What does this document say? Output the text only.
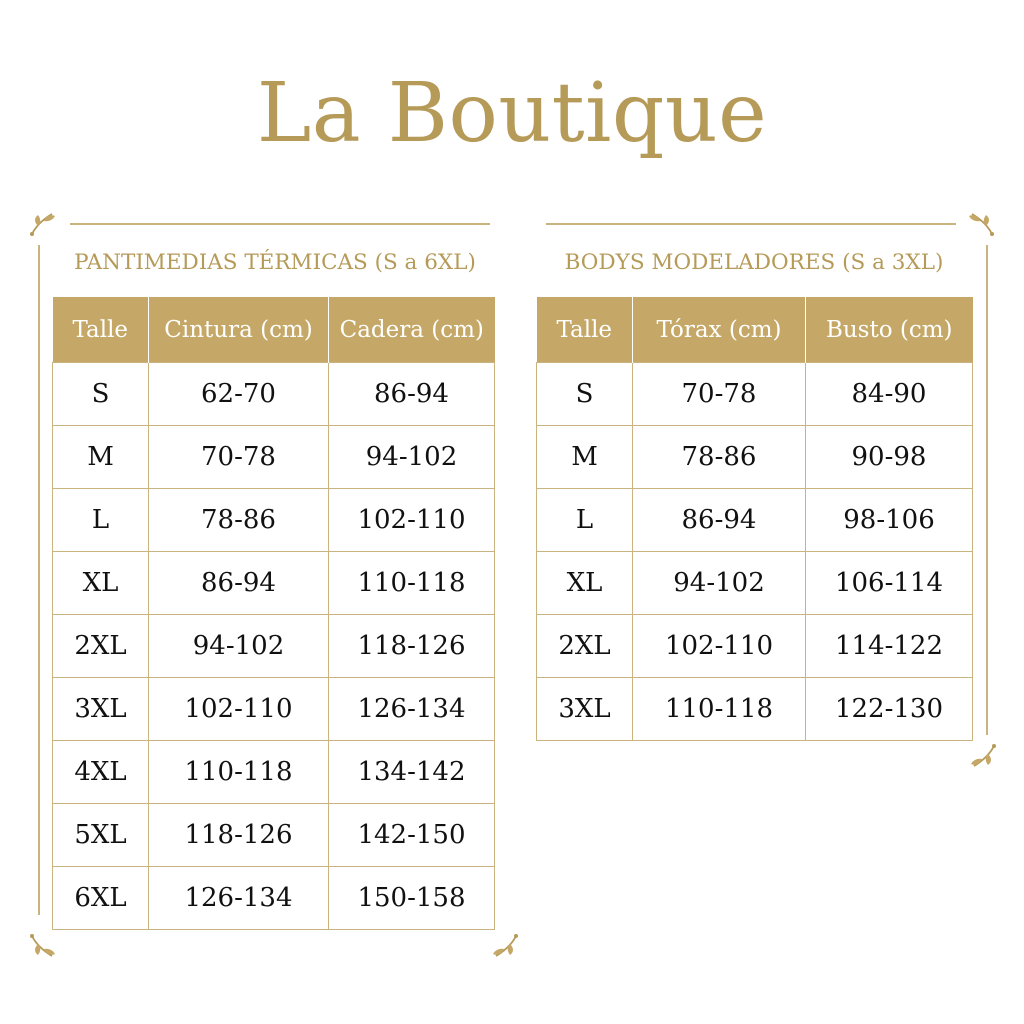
La Boutique
PANTIMEDIAS TÉRMICAS (S a 6XL)	BODYS MODELADORES (S a 3XL)
Talle	Cintura (cm)	Cadera (cm)
S	62-70	86-94
M	70-78	94-102
L	78-86	102-110
XL	86-94	110-118
2XL	94-102	118-126
3XL	102-110	126-134
4XL	110-118	134-142
5XL	118-126	142-150
6XL	126-134	150-158
Talle	Tórax (cm)	Busto (cm)
S	70-78	84-90
M	78-86	90-98
L	86-94	98-106
XL	94-102	106-114
2XL	102-110	114-122
3XL	110-118	122-130
